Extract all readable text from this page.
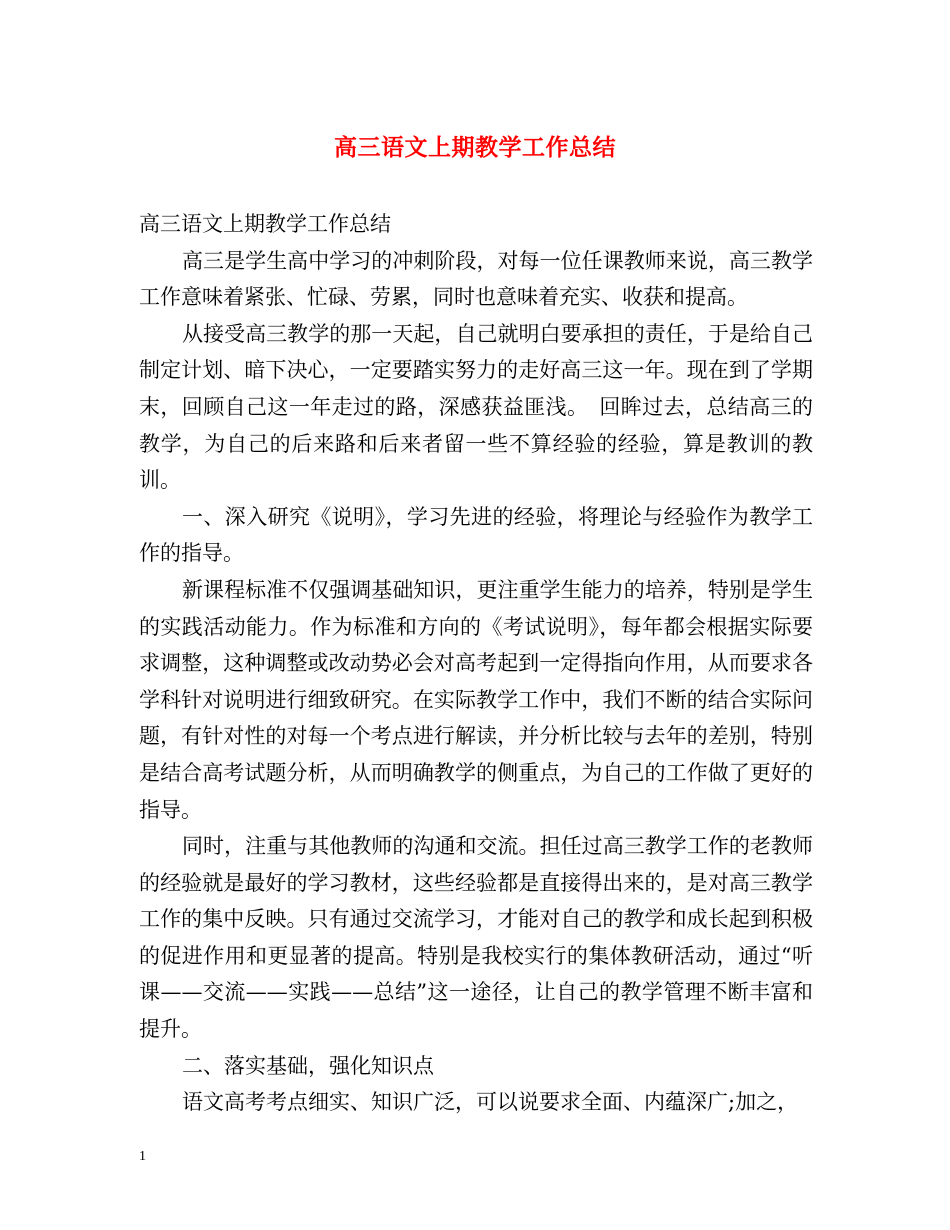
高三语文上期教学工作总结

高三语文上期教学工作总结

高三是学生高中学习的冲刺阶段，对每一位任课教师来说，高三教学工作意味着紧张、忙碌、劳累，同时也意味着充实、收获和提高。

从接受高三教学的那一天起，自己就明白要承担的责任，于是给自己制定计划、暗下决心，一定要踏实努力的走好高三这一年。现在到了学期末，回顾自己这一年走过的路，深感获益匪浅。　回眸过去，总结高三的教学，为自己的后来路和后来者留一些不算经验的经验，算是教训的教训。

一、深入研究《说明》，学习先进的经验，将理论与经验作为教学工作的指导。

新课程标准不仅强调基础知识，更注重学生能力的培养，特别是学生的实践活动能力。作为标准和方向的《考试说明》，每年都会根据实际要求调整，这种调整或改动势必会对高考起到一定得指向作用，从而要求各学科针对说明进行细致研究。在实际教学工作中，我们不断的结合实际问题，有针对性的对每一个考点进行解读，并分析比较与去年的差别，特别是结合高考试题分析，从而明确教学的侧重点，为自己的工作做了更好的指导。

同时，注重与其他教师的沟通和交流。担任过高三教学工作的老教师的经验就是最好的学习教材，这些经验都是直接得出来的，是对高三教学工作的集中反映。只有通过交流学习，才能对自己的教学和成长起到积极的促进作用和更显著的提高。特别是我校实行的集体教研活动，通过“听课——交流——实践——总结”这一途径，让自己的教学管理不断丰富和提升。

二、落实基础，强化知识点

语文高考考点细实、知识广泛，可以说要求全面、内蕴深广;加之，

1
